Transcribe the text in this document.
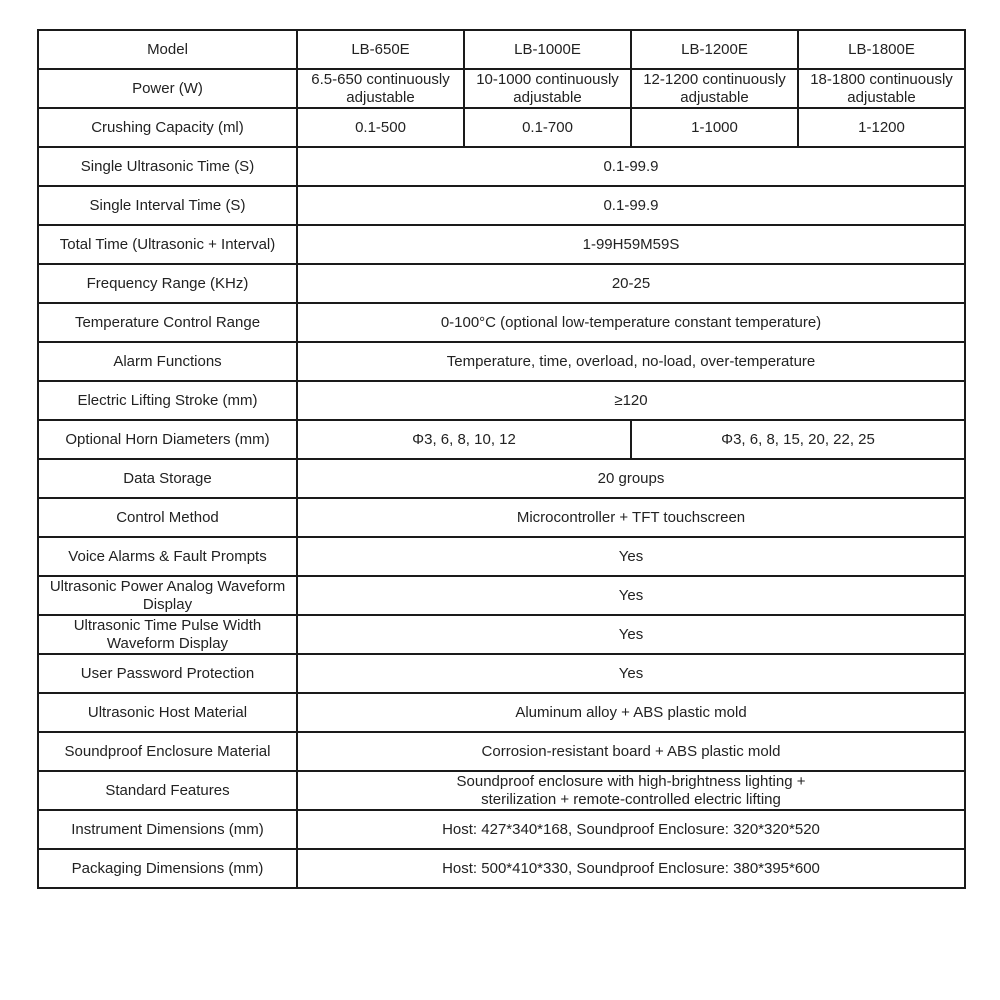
Model	LB-650E	LB-1000E	LB-1200E	LB-1800E
Power (W)	6.5-650 continuously adjustable	10-1000 continuously adjustable	12-1200 continuously adjustable	18-1800 continuously adjustable
Crushing Capacity (ml)	0.1-500	0.1-700	1-1000	1-1200
Single Ultrasonic Time (S)	0.1-99.9			
Single Interval Time (S)	0.1-99.9			
Total Time (Ultrasonic + Interval)	1-99H59M59S			
Frequency Range (KHz)	20-25			
Temperature Control Range	0-100°C (optional low-temperature constant temperature)			
Alarm Functions	Temperature, time, overload, no-load, over-temperature			
Electric Lifting Stroke (mm)	≥120			
Optional Horn Diameters (mm)	Φ3, 6, 8, 10, 12		Φ3, 6, 8, 15, 20, 22, 25	
Data Storage	20 groups			
Control Method	Microcontroller + TFT touchscreen			
Voice Alarms & Fault Prompts	Yes			
Ultrasonic Power Analog Waveform Display	Yes			
Ultrasonic Time Pulse Width Waveform Display	Yes			
User Password Protection	Yes			
Ultrasonic Host Material	Aluminum alloy + ABS plastic mold			
Soundproof Enclosure Material	Corrosion-resistant board + ABS plastic mold			
Standard Features	Soundproof enclosure with high-brightness lighting + sterilization + remote-controlled electric lifting			
Instrument Dimensions (mm)	Host: 427*340*168, Soundproof Enclosure: 320*320*520			
Packaging Dimensions (mm)	Host: 500*410*330, Soundproof Enclosure: 380*395*600			
